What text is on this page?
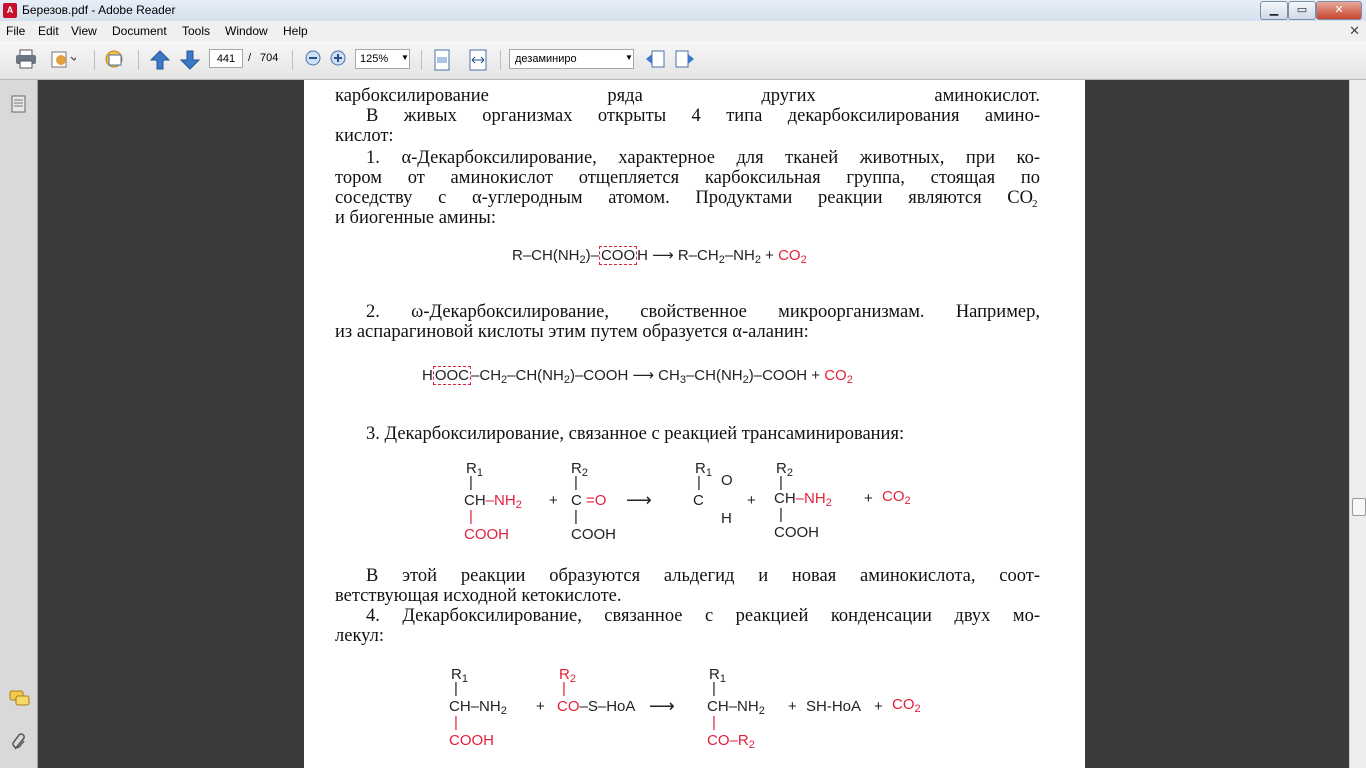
A Березов.pdf - Adobe Reader	▁	▭	✕
File Edit View Document Tools Window Help	✕
441	/ 704	125% ▼	дезаминиро	▼
карбоксилирование ряда других аминокислот.
В живых организмах открыты 4 типа декарбоксилирования амино-
кислот:
1. α-Декарбоксилирование, характерное для тканей животных, при ко-
тором от аминокислот отщепляется карбоксильная группа, стоящая по
соседству с α-углеродным атомом. Продуктами реакции являются CO 2
и биогенные амины:
$R-CH(NH_2)-$ COO H ⟶ $R-CH_2-NH_2 + CO_2$
2. ω-Декарбоксилирование, свойственное микроорганизмам. Например,
из аспарагиновой кислоты этим путем образуется α-аланин:
H OOC $-CH_2-CH(NH_2)$–COOH ⟶ $CH_3-CH(NH_2)$–COOH + $CO_2$
3. Декарбоксилирование, связанное с реакцией трансаминирования:
$R_1$
|
$CH-NH_2$
|
COOH
+
$R_2$
|
C =O
|
COOH
⟶
$R_1$
| O
C
H
+
$R_2$
|
$CH-NH_2$
|
COOH
+ $CO_2$
В этой реакции образуются альдегид и новая аминокислота, соот-
ветствующая исходной кетокислоте.
4. Декарбоксилирование, связанное с реакцией конденсации двух мо-
лекул:
$R_1$
|
$CH-NH_2$
|
COOH
+
$R_2$
|
CO–S–HoA ⟶
$R_1$
|
$CH-NH_2$
|
$CO-R_2$
+ $SH-HoA + CO_2$
